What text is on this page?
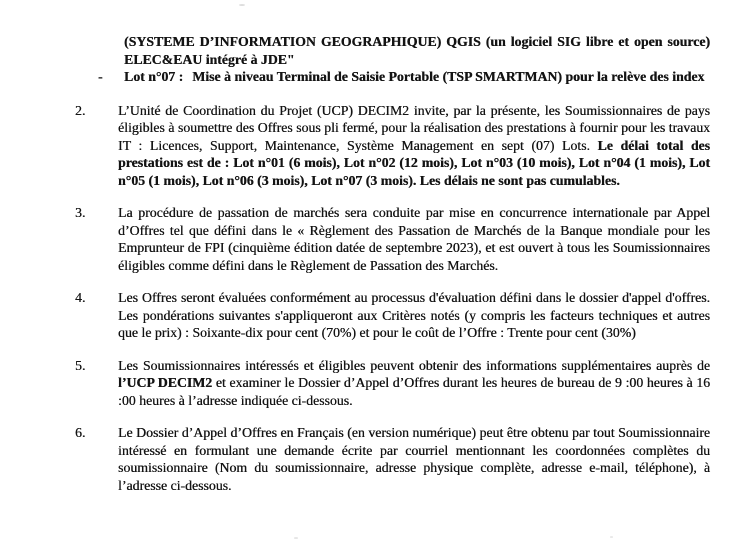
(SYSTEME D’INFORMATION GEOGRAPHIQUE) QGIS (un logiciel SIG libre et open source) ELEC&EAU intégré à JDE"

-	Lot n°07 : Mise à niveau Terminal de Saisie Portable (TSP SMARTMAN) pour la relève des index

2.	L’Unité de Coordination du Projet (UCP) DECIM2 invite, par la présente, les Soumissionnaires de pays éligibles à soumettre des Offres sous pli fermé, pour la réalisation des prestations à fournir pour les travaux IT : Licences, Support, Maintenance, Système Management en sept (07) Lots. Le délai total des prestations est de : Lot n°01 (6 mois), Lot n°02 (12 mois), Lot n°03 (10 mois), Lot n°04 (1 mois), Lot n°05 (1 mois), Lot n°06 (3 mois), Lot n°07 (3 mois). Les délais ne sont pas cumulables.

3.	La procédure de passation de marchés sera conduite par mise en concurrence internationale par Appel d’Offres tel que défini dans le « Règlement des Passation de Marchés de la Banque mondiale pour les Emprunteur de FPI (cinquième édition datée de septembre 2023), et est ouvert à tous les Soumissionnaires éligibles comme défini dans le Règlement de Passation des Marchés.

4.	Les Offres seront évaluées conformément au processus d'évaluation défini dans le dossier d'appel d'offres. Les pondérations suivantes s'appliqueront aux Critères notés (y compris les facteurs techniques et autres que le prix) : Soixante-dix pour cent (70%) et pour le coût de l’Offre : Trente pour cent (30%)

5.	Les Soumissionnaires intéressés et éligibles peuvent obtenir des informations supplémentaires auprès de l’UCP DECIM2 et examiner le Dossier d’Appel d’Offres durant les heures de bureau de 9 :00 heures à 16 :00 heures à l’adresse indiquée ci-dessous.

6.	Le Dossier d’Appel d’Offres en Français (en version numérique) peut être obtenu par tout Soumissionnaire intéressé en formulant une demande écrite par courriel mentionnant les coordonnées complètes du soumissionnaire (Nom du soumissionnaire, adresse physique complète, adresse e-mail, téléphone), à l’adresse ci-dessous.
